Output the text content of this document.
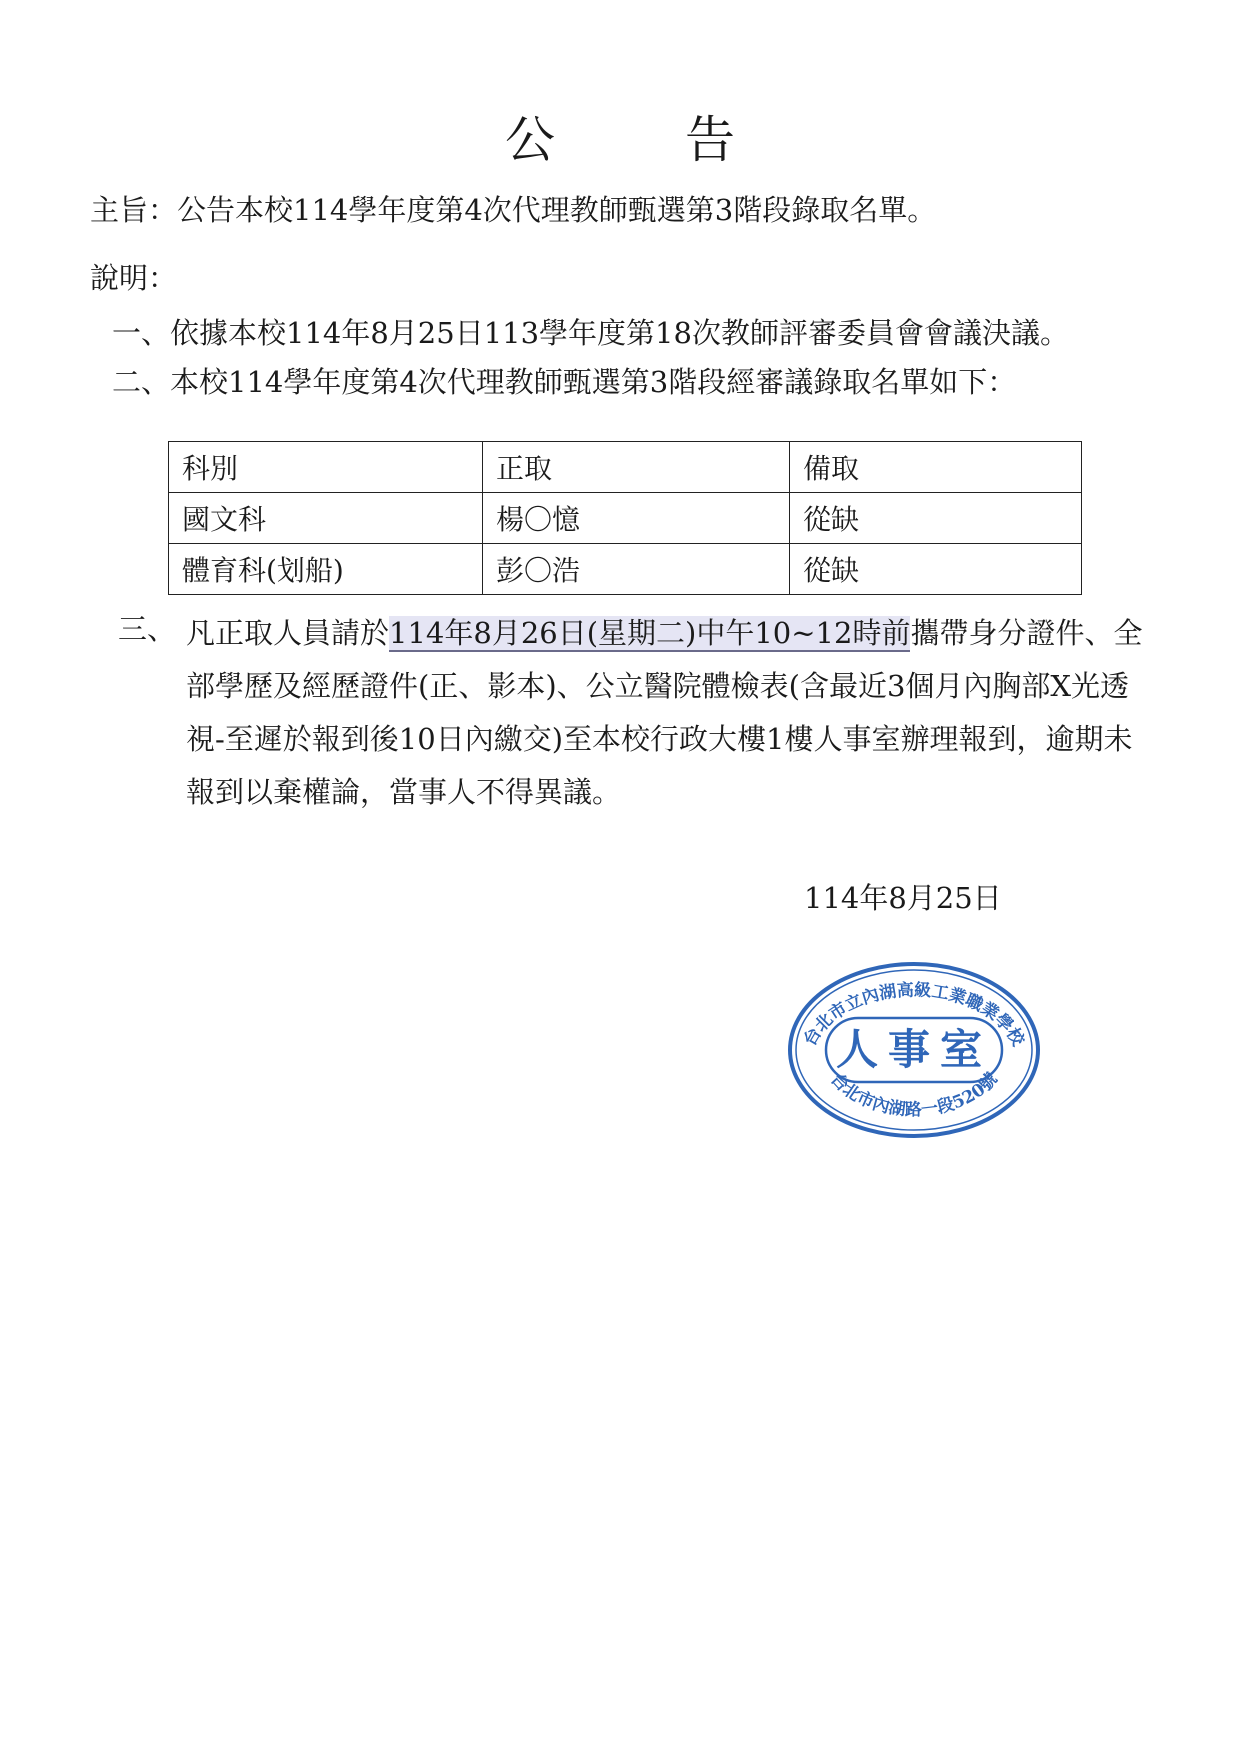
公告
主旨：公告本校114學年度第4次代理教師甄選第3階段錄取名單。
說明：
一、依據本校114年8月25日113學年度第18次教師評審委員會會議決議。
二、本校114學年度第4次代理教師甄選第3階段經審議錄取名單如下：
科別	正取	備取
國文科	楊〇憶	從缺
體育科(划船)	彭〇浩	從缺
三、 凡正取人員請於114年8月26日(星期二)中午10~12時前攜帶身分證件、全部學歷及經歷證件(正、影本)、公立醫院體檢表(含最近3個月內胸部X光透視-至遲於報到後10日內繳交)至本校行政大樓1樓人事室辦理報到，逾期未報到以棄權論，當事人不得異議。
114年8月25日
台北市立內湖高級工業職業學校
人事室
台北市內湖路一段520號
